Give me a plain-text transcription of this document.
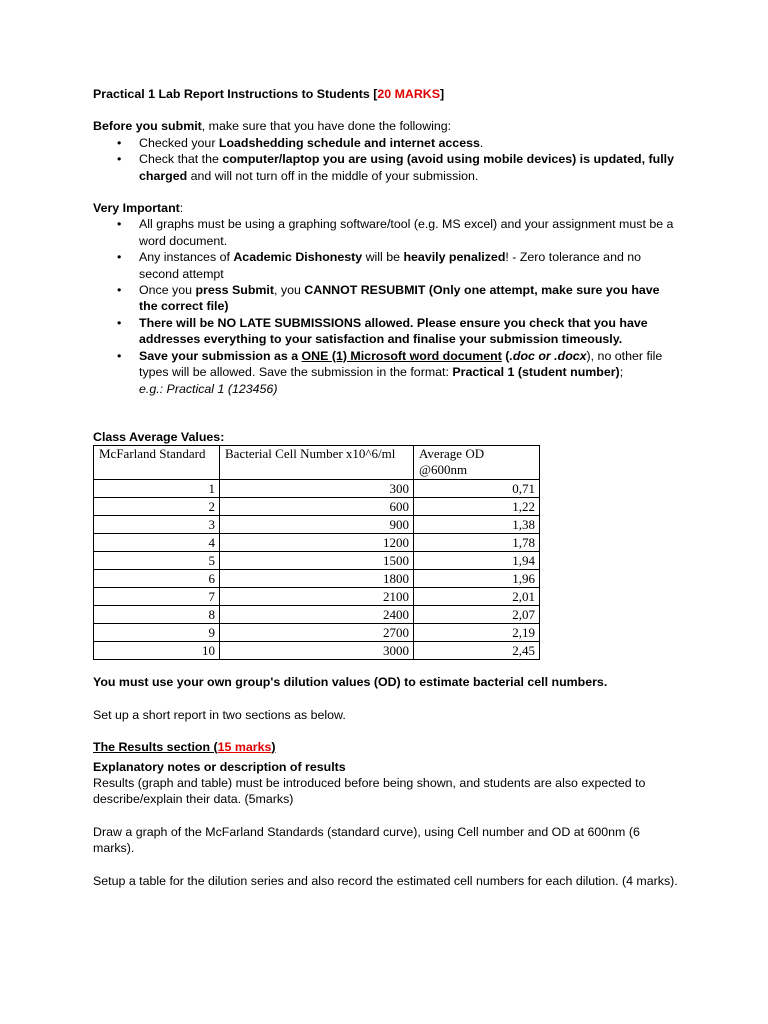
Practical 1 Lab Report Instructions to Students [20 MARKS]

Before you submit, make sure that you have done the following:

• Checked your Loadshedding schedule and internet access.
• Check that the computer/laptop you are using (avoid using mobile devices) is updated, fully charged and will not turn off in the middle of your submission.

Very Important:

• All graphs must be using a graphing software/tool (e.g. MS excel) and your assignment must be a word document.
• Any instances of Academic Dishonesty will be heavily penalized! - Zero tolerance and no second attempt
• Once you press Submit, you CANNOT RESUBMIT (Only one attempt, make sure you have the correct file)
• There will be NO LATE SUBMISSIONS allowed. Please ensure you check that you have addresses everything to your satisfaction and finalise your submission timeously.
• Save your submission as a ONE (1) Microsoft word document (.doc or .docx), no other file types will be allowed. Save the submission in the format: Practical 1 (student number);
e.g.: Practical 1 (123456)

Class Average Values:

McFarland Standard	Bacterial Cell Number x10^6/ml	Average OD @600nm
1	300	0,71
2	600	1,22
3	900	1,38
4	1200	1,78
5	1500	1,94
6	1800	1,96
7	2100	2,01
8	2400	2,07
9	2700	2,19
10	3000	2,45

You must use your own group's dilution values (OD) to estimate bacterial cell numbers.

Set up a short report in two sections as below.

The Results section (15 marks)

Explanatory notes or description of results

Results (graph and table) must be introduced before being shown, and students are also expected to describe/explain their data. (5marks)

Draw a graph of the McFarland Standards (standard curve), using Cell number and OD at 600nm (6 marks).

Setup a table for the dilution series and also record the estimated cell numbers for each dilution. (4 marks).
